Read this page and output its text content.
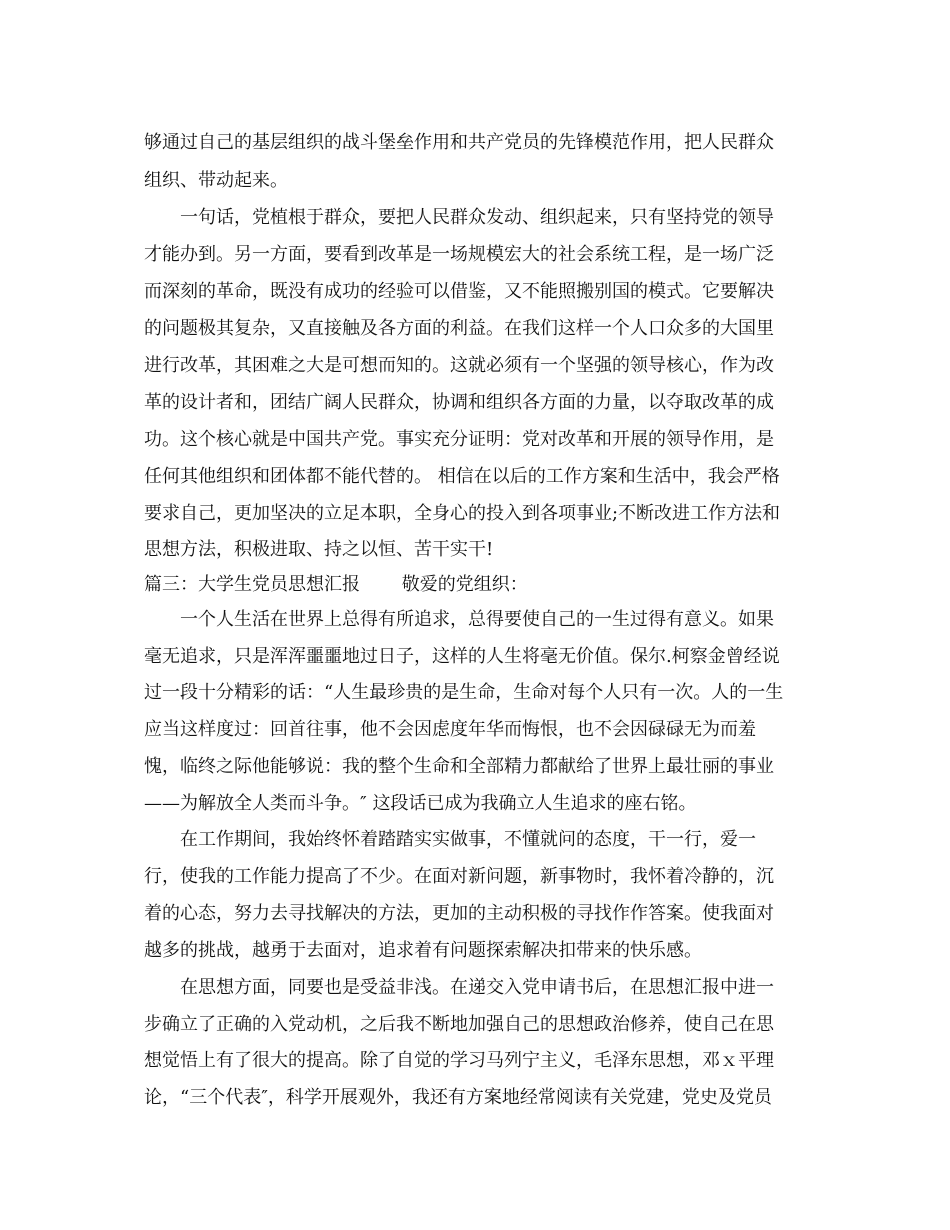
够通过自己的基层组织的战斗堡垒作用和共产党员的先锋模范作用，把人民群众
组织、带动起来。
一句话，党植根于群众，要把人民群众发动、组织起来，只有坚持党的领导
才能办到。另一方面，要看到改革是一场规模宏大的社会系统工程，是一场广泛
而深刻的革命，既没有成功的经验可以借鉴，又不能照搬别国的模式。它要解决
的问题极其复杂，又直接触及各方面的利益。在我们这样一个人口众多的大国里
进行改革，其困难之大是可想而知的。这就必须有一个坚强的领导核心，作为改
革的设计者和，团结广阔人民群众，协调和组织各方面的力量，以夺取改革的成
功。这个核心就是中国共产党。事实充分证明：党对改革和开展的领导作用，是
任何其他组织和团体都不能代替的。 相信在以后的工作方案和生活中，我会严格
要求自己，更加坚决的立足本职，全身心的投入到各项事业;不断改进工作方法和
思想方法，积极进取、持之以恒、苦干实干!
篇三：大学生党员思想汇报　　 敬爱的党组织：
一个人生活在世界上总得有所追求，总得要使自己的一生过得有意义。如果
毫无追求，只是浑浑噩噩地过日子，这样的人生将毫无价值。保尔.柯察金曾经说
过一段十分精彩的话：“人生最珍贵的是生命，生命对每个人只有一次。人的一生
应当这样度过：回首往事，他不会因虑度年华而悔恨，也不会因碌碌无为而羞
愧，临终之际他能够说：我的整个生命和全部精力都献给了世界上最壮丽的事业
——为解放全人类而斗争。″ 这段话已成为我确立人生追求的座右铭。
在工作期间，我始终怀着踏踏实实做事，不懂就问的态度，干一行，爱一
行，使我的工作能力提高了不少。在面对新问题，新事物时，我怀着冷静的，沉
着的心态，努力去寻找解决的方法，更加的主动积极的寻找作作答案。使我面对
越多的挑战，越勇于去面对，追求着有问题探索解决扣带来的快乐感。
在思想方面，同要也是受益非浅。在递交入党申请书后，在思想汇报中进一
步确立了正确的入党动机，之后我不断地加强自己的思想政治修养，使自己在思
想觉悟上有了很大的提高。除了自觉的学习马列宁主义，毛泽东思想，邓ｘ平理
论，“三个代表″，科学开展观外，我还有方案地经常阅读有关党建，党史及党员
